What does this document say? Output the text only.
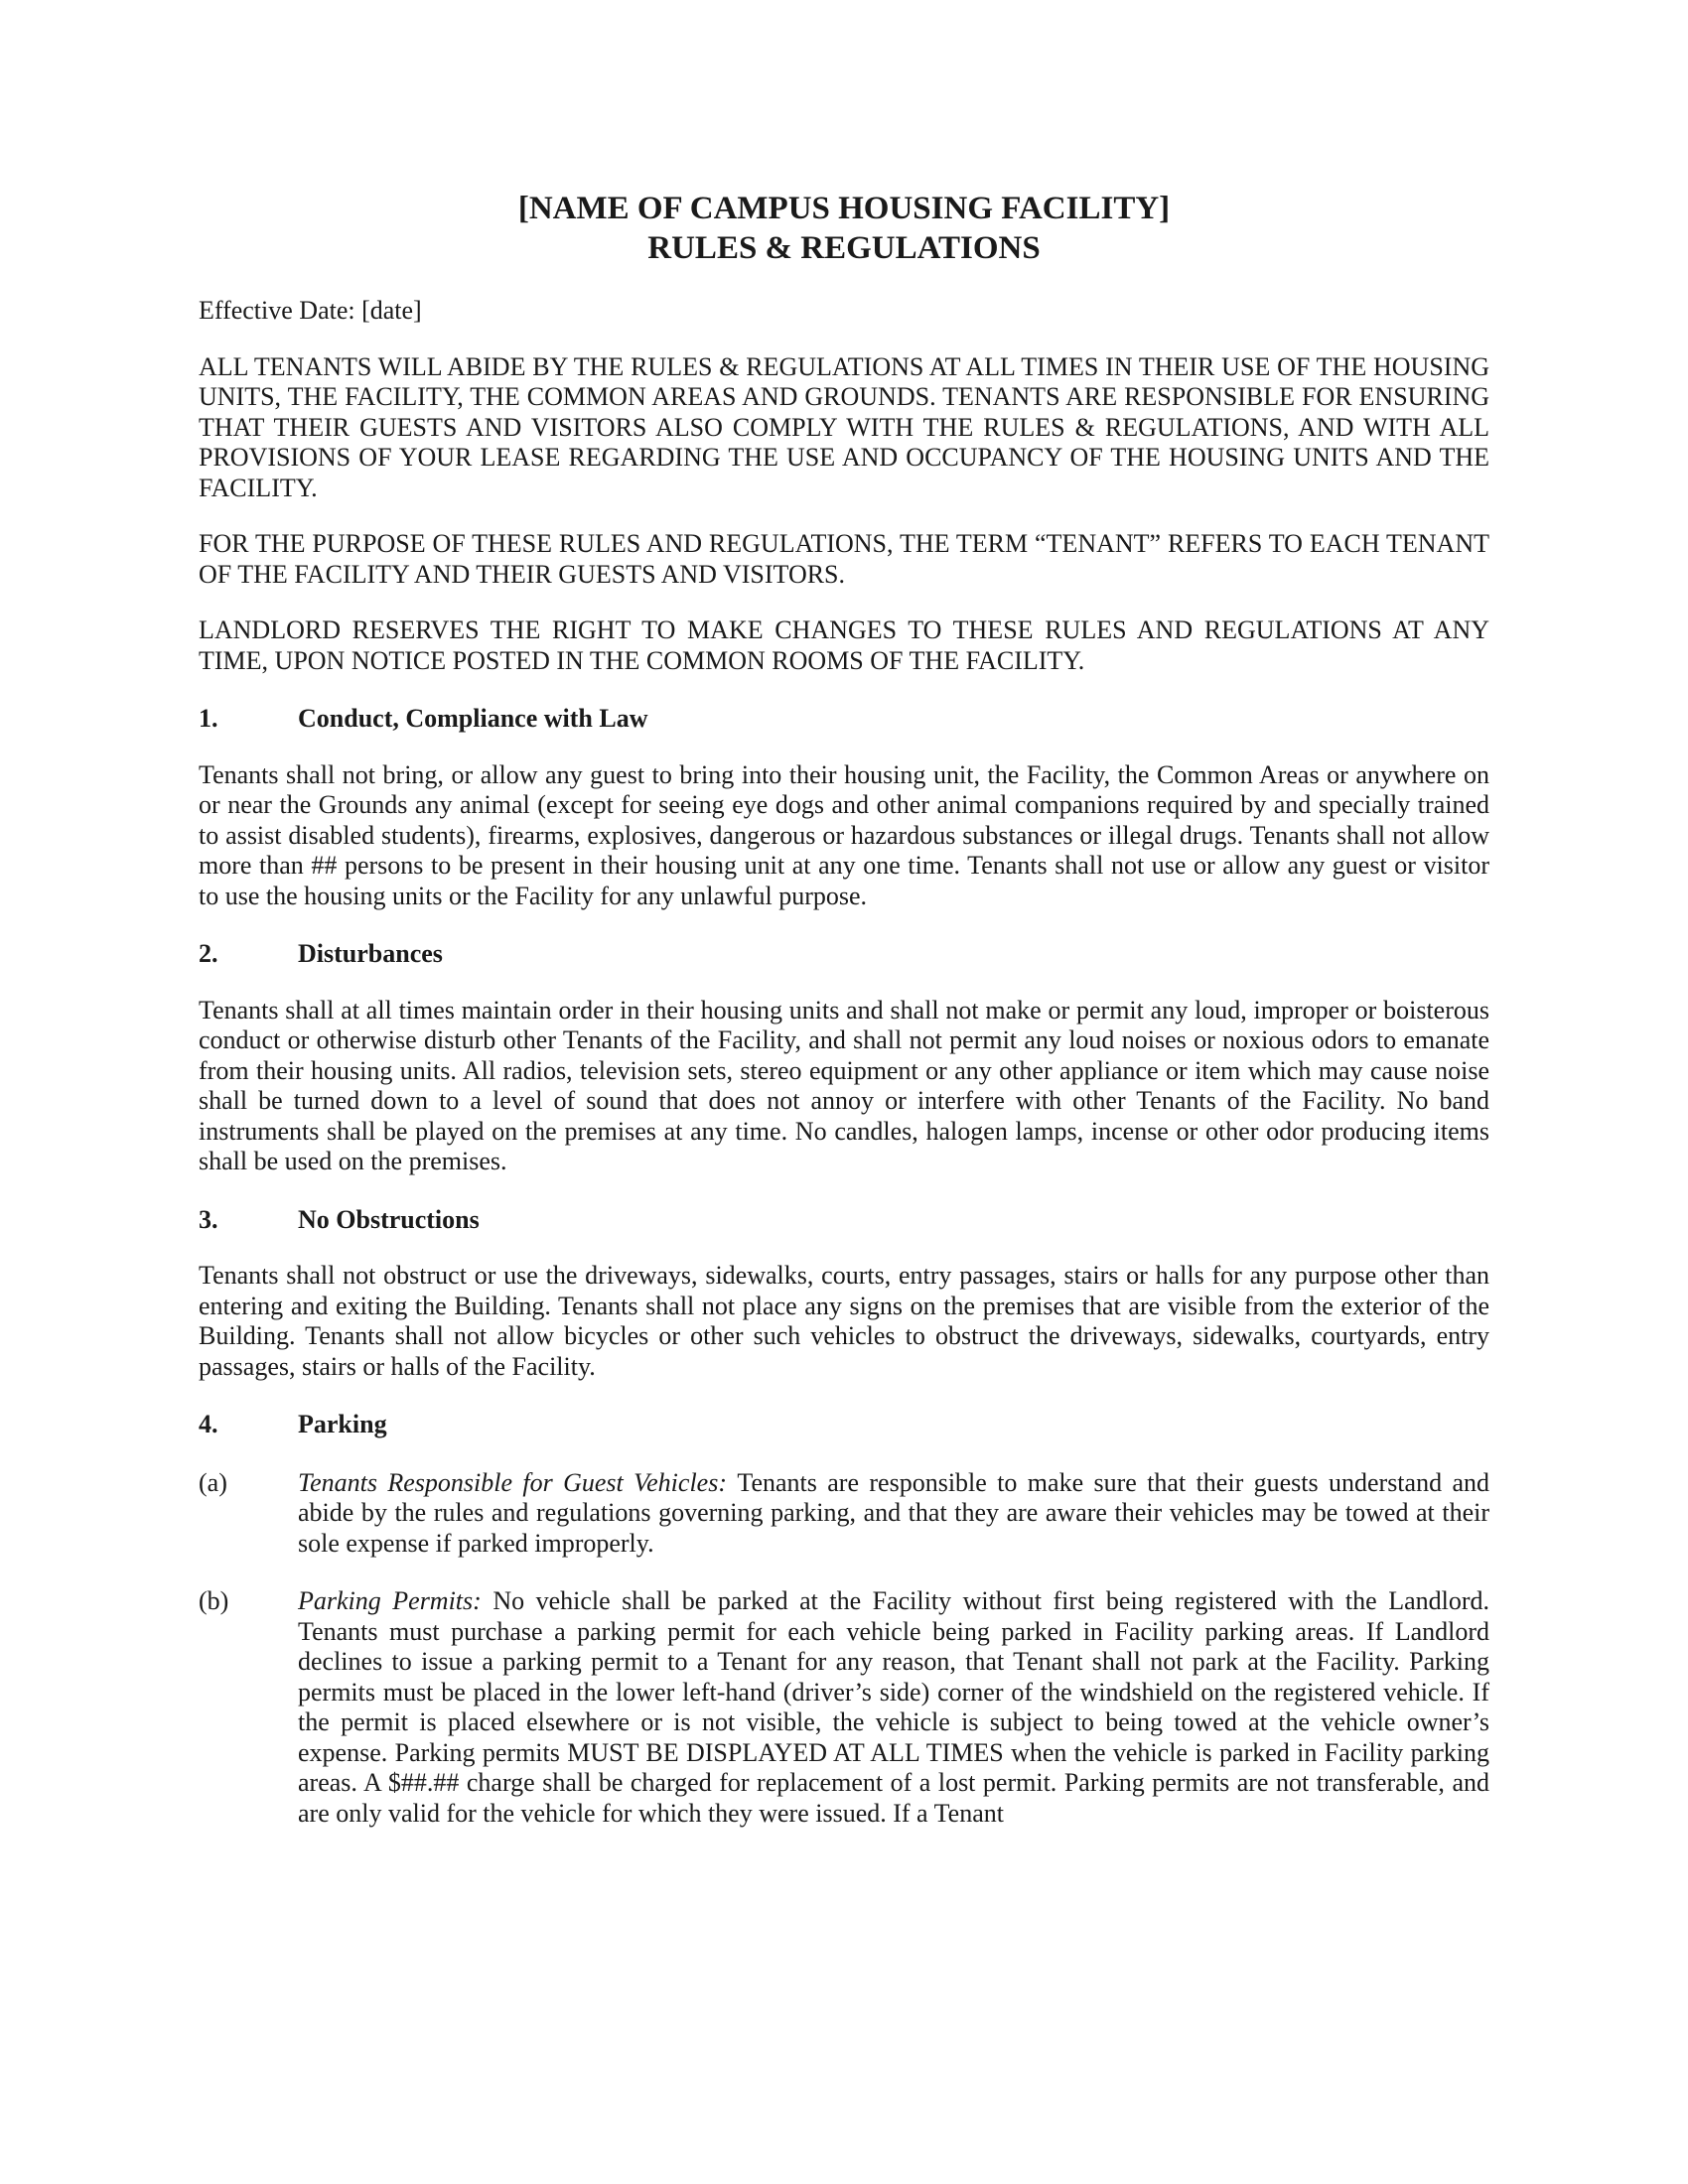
[NAME OF CAMPUS HOUSING FACILITY]
RULES & REGULATIONS

Effective Date: [date]

ALL TENANTS WILL ABIDE BY THE RULES & REGULATIONS AT ALL TIMES IN THEIR USE OF THE HOUSING UNITS, THE FACILITY, THE COMMON AREAS AND GROUNDS. TENANTS ARE RESPONSIBLE FOR ENSURING THAT THEIR GUESTS AND VISITORS ALSO COMPLY WITH THE RULES & REGULATIONS, AND WITH ALL PROVISIONS OF YOUR LEASE REGARDING THE USE AND OCCUPANCY OF THE HOUSING UNITS AND THE FACILITY.

FOR THE PURPOSE OF THESE RULES AND REGULATIONS, THE TERM “TENANT” REFERS TO EACH TENANT OF THE FACILITY AND THEIR GUESTS AND VISITORS.

LANDLORD RESERVES THE RIGHT TO MAKE CHANGES TO THESE RULES AND REGULATIONS AT ANY TIME, UPON NOTICE POSTED IN THE COMMON ROOMS OF THE FACILITY.

1.	Conduct, Compliance with Law

Tenants shall not bring, or allow any guest to bring into their housing unit, the Facility, the Common Areas or anywhere on or near the Grounds any animal (except for seeing eye dogs and other animal companions required by and specially trained to assist disabled students), firearms, explosives, dangerous or hazardous substances or illegal drugs. Tenants shall not allow more than ## persons to be present in their housing unit at any one time. Tenants shall not use or allow any guest or visitor to use the housing units or the Facility for any unlawful purpose.

2.	Disturbances

Tenants shall at all times maintain order in their housing units and shall not make or permit any loud, improper or boisterous conduct or otherwise disturb other Tenants of the Facility, and shall not permit any loud noises or noxious odors to emanate from their housing units. All radios, television sets, stereo equipment or any other appliance or item which may cause noise shall be turned down to a level of sound that does not annoy or interfere with other Tenants of the Facility. No band instruments shall be played on the premises at any time. No candles, halogen lamps, incense or other odor producing items shall be used on the premises.

3.	No Obstructions

Tenants shall not obstruct or use the driveways, sidewalks, courts, entry passages, stairs or halls for any purpose other than entering and exiting the Building. Tenants shall not place any signs on the premises that are visible from the exterior of the Building. Tenants shall not allow bicycles or other such vehicles to obstruct the driveways, sidewalks, courtyards, entry passages, stairs or halls of the Facility.

4.	Parking
(a)	Tenants Responsible for Guest Vehicles: Tenants are responsible to make sure that their guests understand and abide by the rules and regulations governing parking, and that they are aware their vehicles may be towed at their sole expense if parked improperly.
(b)	Parking Permits: No vehicle shall be parked at the Facility without first being registered with the Landlord. Tenants must purchase a parking permit for each vehicle being parked in Facility parking areas. If Landlord declines to issue a parking permit to a Tenant for any reason, that Tenant shall not park at the Facility. Parking permits must be placed in the lower left-hand (driver’s side) corner of the windshield on the registered vehicle. If the permit is placed elsewhere or is not visible, the vehicle is subject to being towed at the vehicle owner’s expense. Parking permits MUST BE DISPLAYED AT ALL TIMES when the vehicle is parked in Facility parking areas. A $##.## charge shall be charged for replacement of a lost permit. Parking permits are not transferable, and are only valid for the vehicle for which they were issued. If a Tenant
